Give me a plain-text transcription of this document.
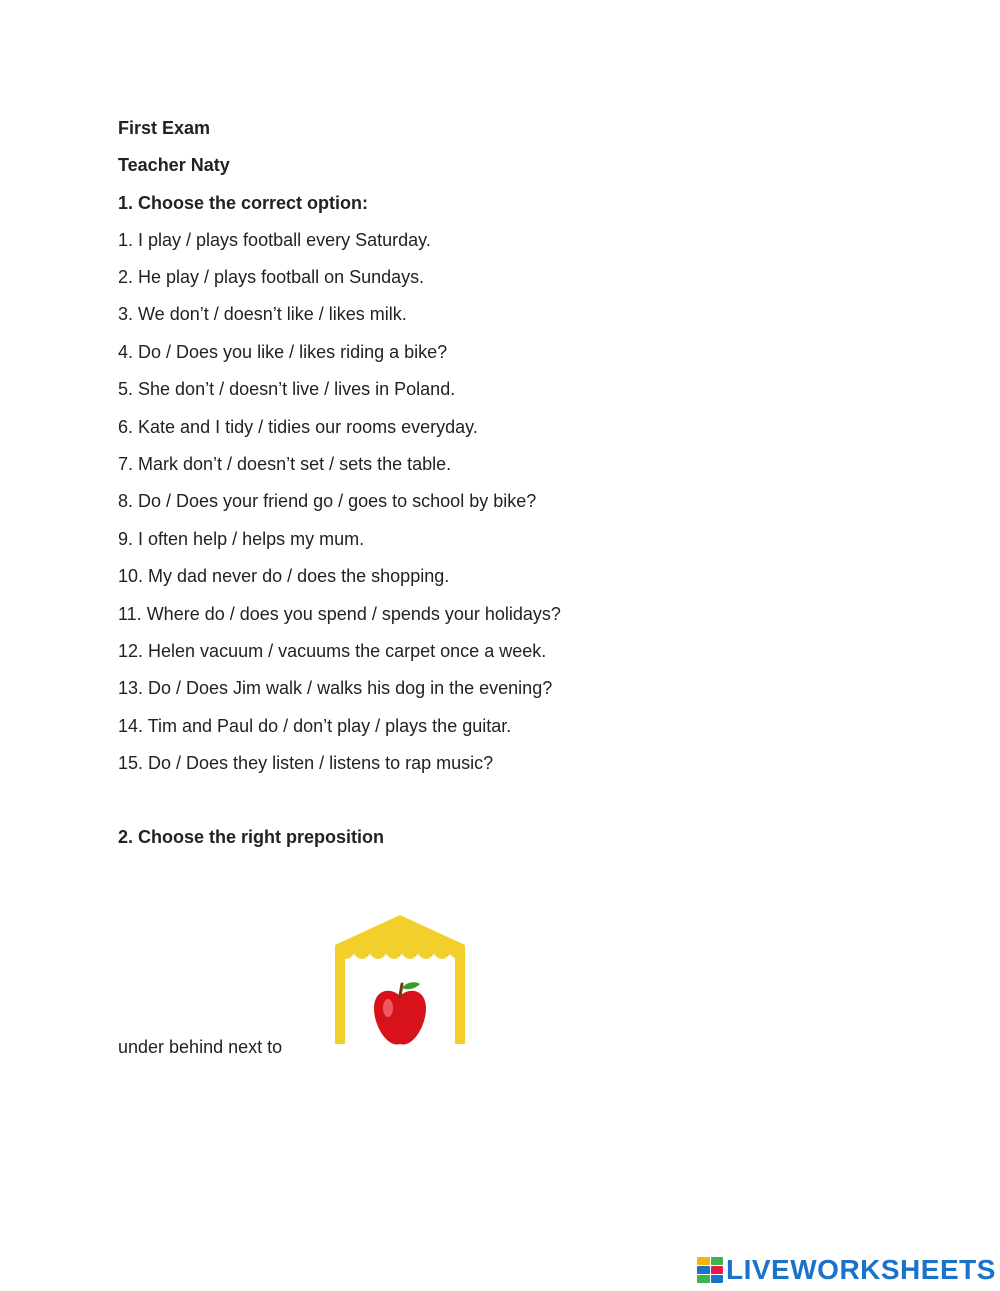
First Exam
Teacher Naty
1. Choose the correct option:
1. I play / plays football every Saturday.
2. He play / plays football on Sundays.
3. We don’t / doesn’t like / likes milk.
4. Do / Does you like / likes riding a bike?
5. She don’t / doesn’t live / lives in Poland.
6. Kate and I tidy / tidies our rooms everyday.
7. Mark don’t / doesn’t set / sets the table.
8. Do / Does your friend go / goes to school by bike?
9. I often help / helps my mum.
10. My dad never do / does the shopping.
11. Where do / does you spend / spends your holidays?
12. Helen vacuum / vacuums the carpet once a week.
13. Do / Does Jim walk / walks his dog in the evening?
14. Tim and Paul do / don’t play / plays the guitar.
15. Do / Does they listen / listens to rap music?
2. Choose the right preposition
under behind next to
LIVEWORKSHEETS
